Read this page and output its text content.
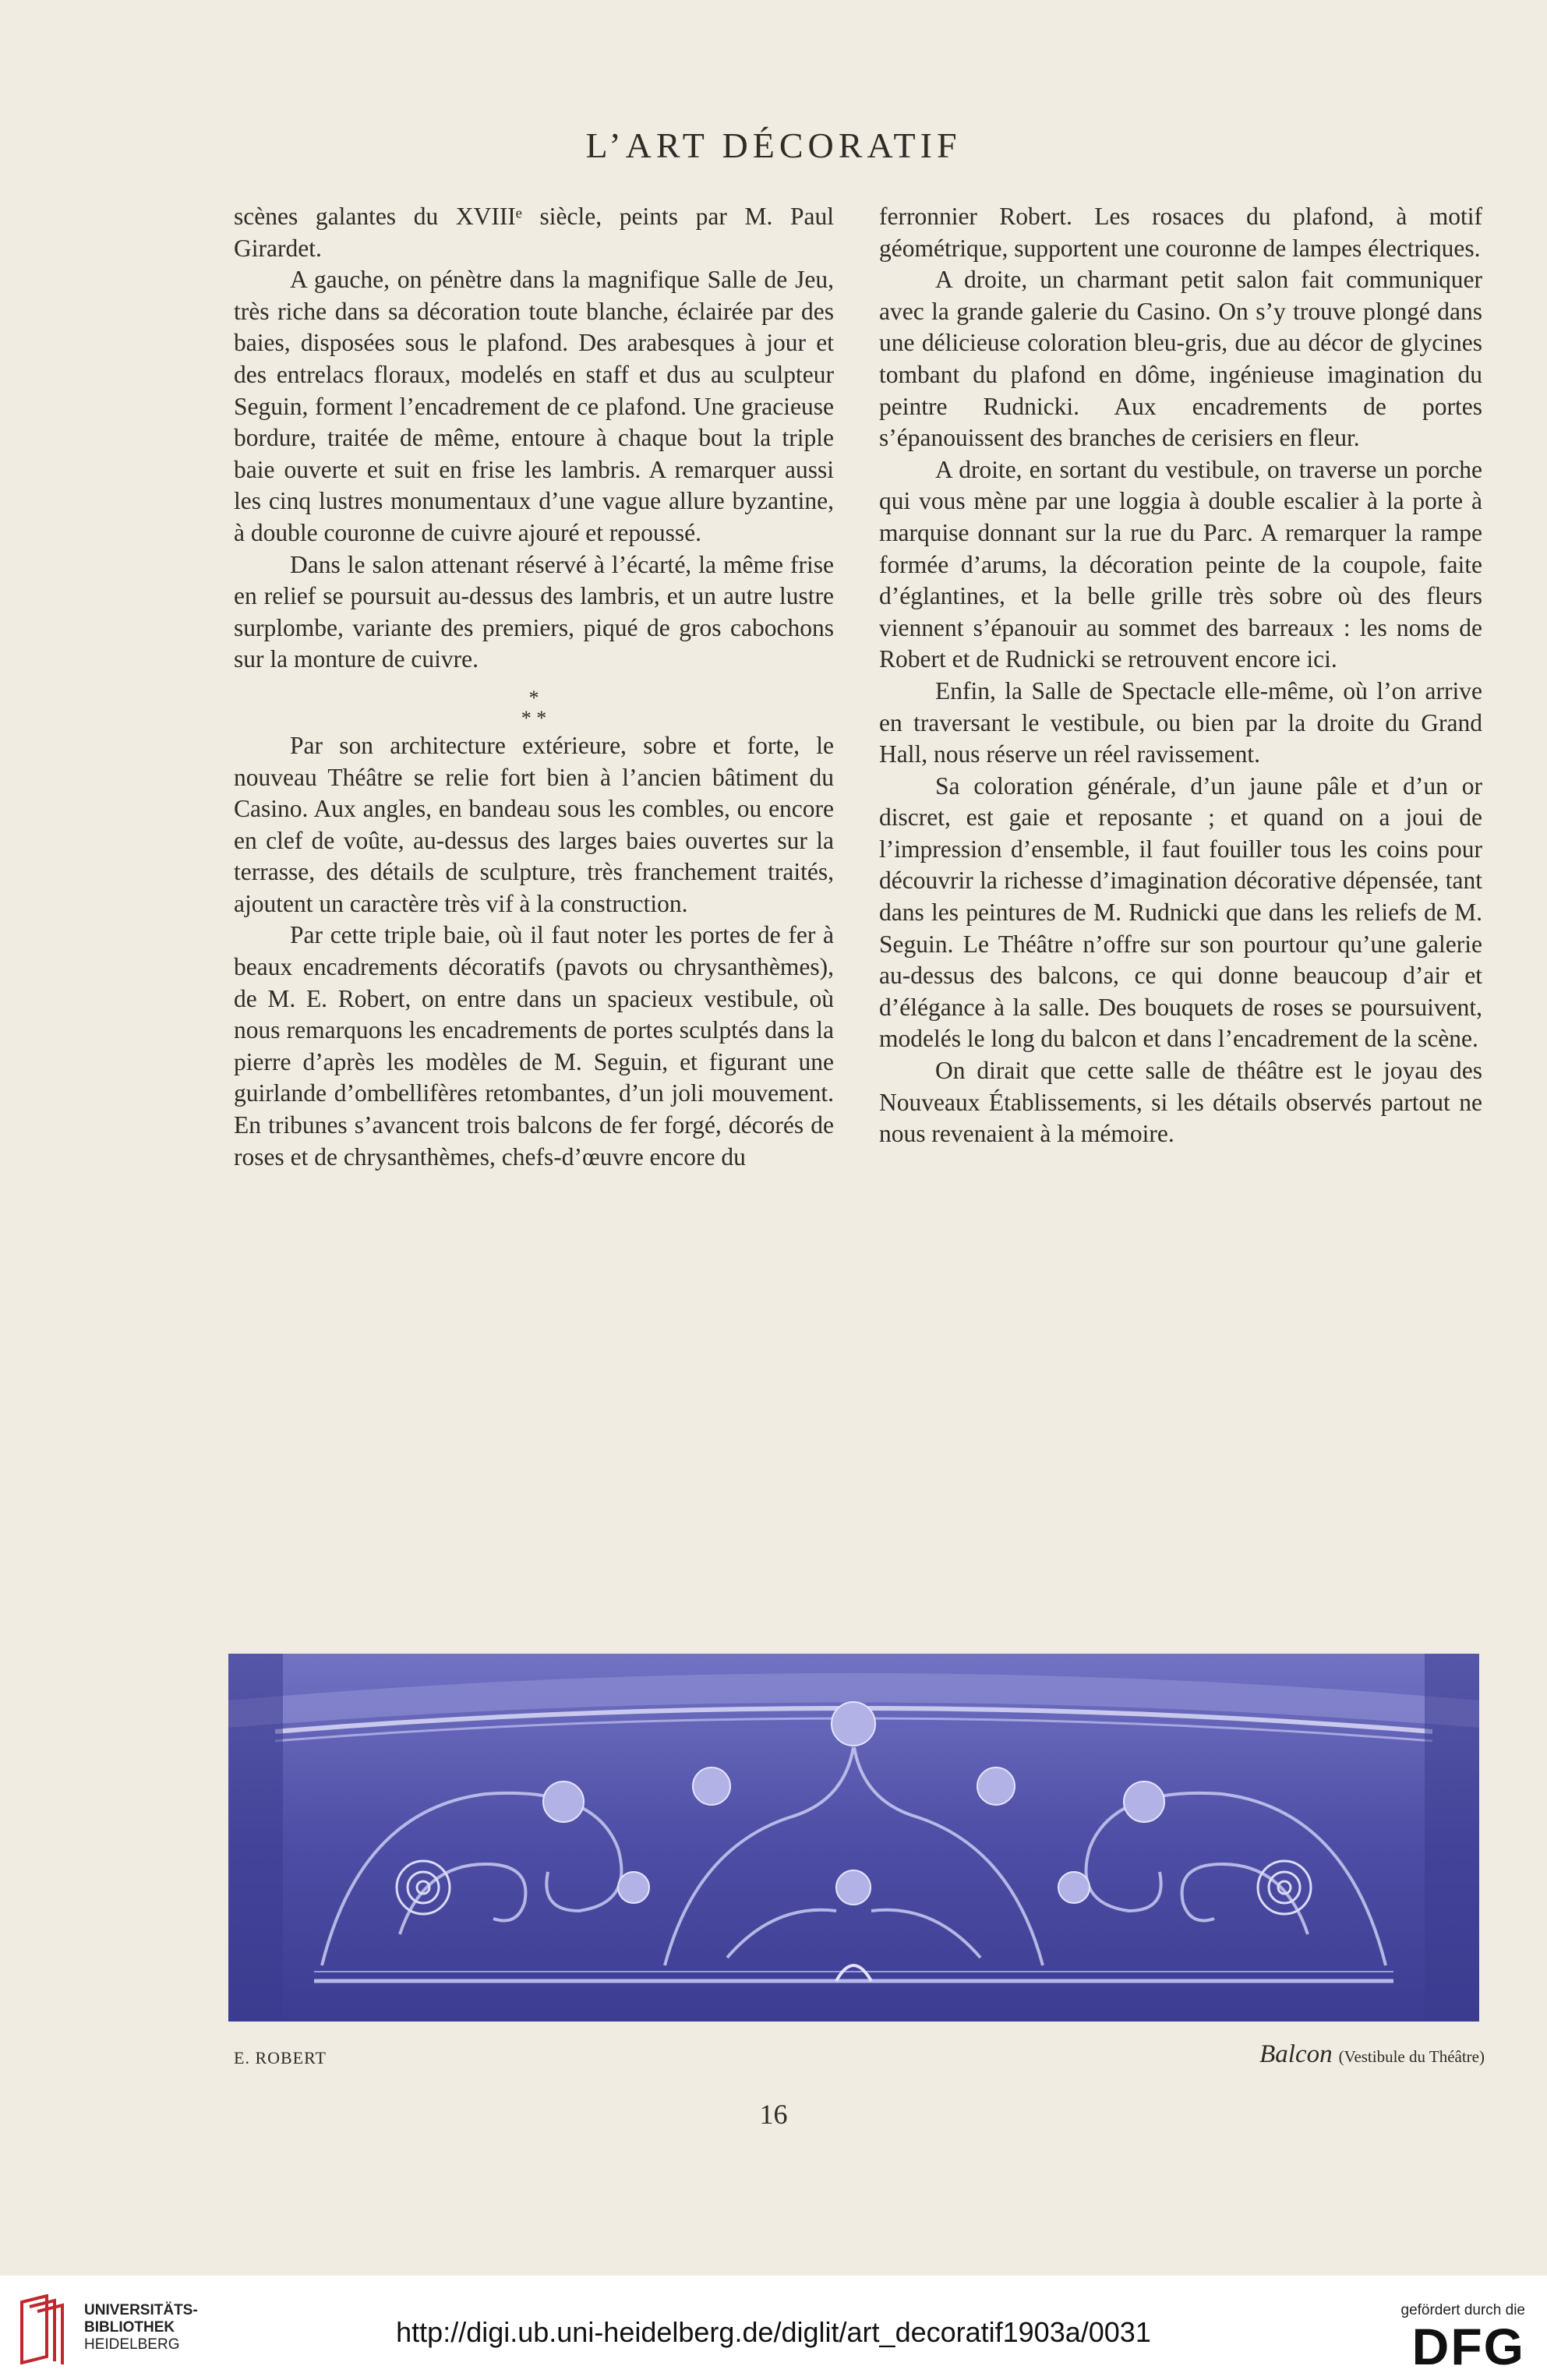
L’ART DÉCORATIF

scènes galantes du XVIIIᵉ siècle, peints par M. Paul Girardet.

A gauche, on pénètre dans la magnifique Salle de Jeu, très riche dans sa décoration toute blanche, éclairée par des baies, disposées sous le plafond. Des arabesques à jour et des entrelacs floraux, modelés en staff et dus au sculpteur Seguin, forment l’encadrement de ce plafond. Une gracieuse bordure, traitée de même, entoure à chaque bout la triple baie ouverte et suit en frise les lambris. A remarquer aussi les cinq lustres monumentaux d’une vague allure byzantine, à double couronne de cuivre ajouré et repoussé.

Dans le salon attenant réservé à l’écarté, la même frise en relief se poursuit au-dessus des lambris, et un autre lustre surplombe, variante des premiers, piqué de gros cabochons sur la monture de cuivre.

*
* *

Par son architecture extérieure, sobre et forte, le nouveau Théâtre se relie fort bien à l’ancien bâtiment du Casino. Aux angles, en bandeau sous les combles, ou encore en clef de voûte, au-dessus des larges baies ouvertes sur la terrasse, des détails de sculpture, très franchement traités, ajoutent un caractère très vif à la construction.

Par cette triple baie, où il faut noter les portes de fer à beaux encadrements décoratifs (pavots ou chrysanthèmes), de M. E. Robert, on entre dans un spacieux vestibule, où nous remarquons les encadrements de portes sculptés dans la pierre d’après les modèles de M. Seguin, et figurant une guirlande d’ombellifères retombantes, d’un joli mouvement. En tribunes s’avancent trois balcons de fer forgé, décorés de roses et de chrysanthèmes, chefs-d’œuvre encore du

ferronnier Robert. Les rosaces du plafond, à motif géométrique, supportent une couronne de lampes électriques.

A droite, un charmant petit salon fait communiquer avec la grande galerie du Casino. On s’y trouve plongé dans une délicieuse coloration bleu-gris, due au décor de glycines tombant du plafond en dôme, ingénieuse imagination du peintre Rudnicki. Aux encadrements de portes s’épanouissent des branches de cerisiers en fleur.

A droite, en sortant du vestibule, on traverse un porche qui vous mène par une loggia à double escalier à la porte à marquise donnant sur la rue du Parc. A remarquer la rampe formée d’arums, la décoration peinte de la coupole, faite d’églantines, et la belle grille très sobre où des fleurs viennent s’épanouir au sommet des barreaux : les noms de Robert et de Rudnicki se retrouvent encore ici.

Enfin, la Salle de Spectacle elle-même, où l’on arrive en traversant le vestibule, ou bien par la droite du Grand Hall, nous réserve un réel ravissement.

Sa coloration générale, d’un jaune pâle et d’un or discret, est gaie et reposante ; et quand on a joui de l’impression d’ensemble, il faut fouiller tous les coins pour découvrir la richesse d’imagination décorative dépensée, tant dans les peintures de M. Rudnicki que dans les reliefs de M. Seguin. Le Théâtre n’offre sur son pourtour qu’une galerie au-dessus des balcons, ce qui donne beaucoup d’air et d’élégance à la salle. Des bouquets de roses se poursuivent, modelés le long du balcon et dans l’encadrement de la scène.

On dirait que cette salle de théâtre est le joyau des Nouveaux Établissements, si les détails observés partout ne nous revenaient à la mémoire.

E. ROBERT	Balcon (Vestibule du Théâtre)
16
UNIVERSITÄTS-
BIBLIOTHEK
HEIDELBERG	http://digi.ub.uni-heidelberg.de/diglit/art_decoratif1903a/0031
gefördert durch die
DFG
